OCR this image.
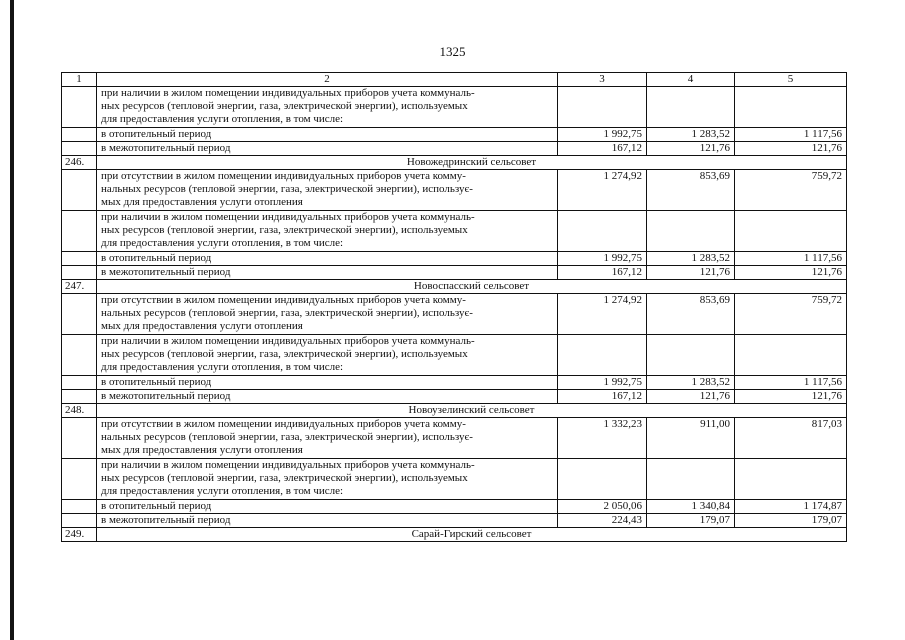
1325
1	2	3	4	5

	при наличии в жилом помещении индивидуальных приборов учета коммуналь-
ных ресурсов (тепловой энергии, газа, электрической энергии), используемых
для предоставления услуги отопления, в том числе:			

	в отопительный период	1 992,75	1 283,52	1 117,56
	в межотопительный период	167,12	121,76	121,76
246.	Новожедринский сельсовет			

	при отсутствии в жилом помещении индивидуальных приборов учета комму-
нальных ресурсов (тепловой энергии, газа, электрической энергии), использує-
мых для предоставления услуги отопления	1 274,92	853,69	759,72

	при наличии в жилом помещении индивидуальных приборов учета коммуналь-
ных ресурсов (тепловой энергии, газа, электрической энергии), используемых
для предоставления услуги отопления, в том числе:			

	в отопительный период	1 992,75	1 283,52	1 117,56
	в межотопительный период	167,12	121,76	121,76
247.	Новоспасский сельсовет			

	при отсутствии в жилом помещении индивидуальных приборов учета комму-
нальных ресурсов (тепловой энергии, газа, электрической энергии), использує-
мых для предоставления услуги отопления	1 274,92	853,69	759,72

	при наличии в жилом помещении индивидуальных приборов учета коммуналь-
ных ресурсов (тепловой энергии, газа, электрической энергии), используемых
для предоставления услуги отопления, в том числе:			

	в отопительный период	1 992,75	1 283,52	1 117,56
	в межотопительный период	167,12	121,76	121,76
248.	Новоузелинский сельсовет			

	при отсутствии в жилом помещении индивидуальных приборов учета комму-
нальных ресурсов (тепловой энергии, газа, электрической энергии), использує-
мых для предоставления услуги отопления	1 332,23	911,00	817,03

	при наличии в жилом помещении индивидуальных приборов учета коммуналь-
ных ресурсов (тепловой энергии, газа, электрической энергии), используемых
для предоставления услуги отопления, в том числе:			

	в отопительный период	2 050,06	1 340,84	1 174,87
	в межотопительный период	224,43	179,07	179,07
249.	Сарай-Гирский сельсовет			
